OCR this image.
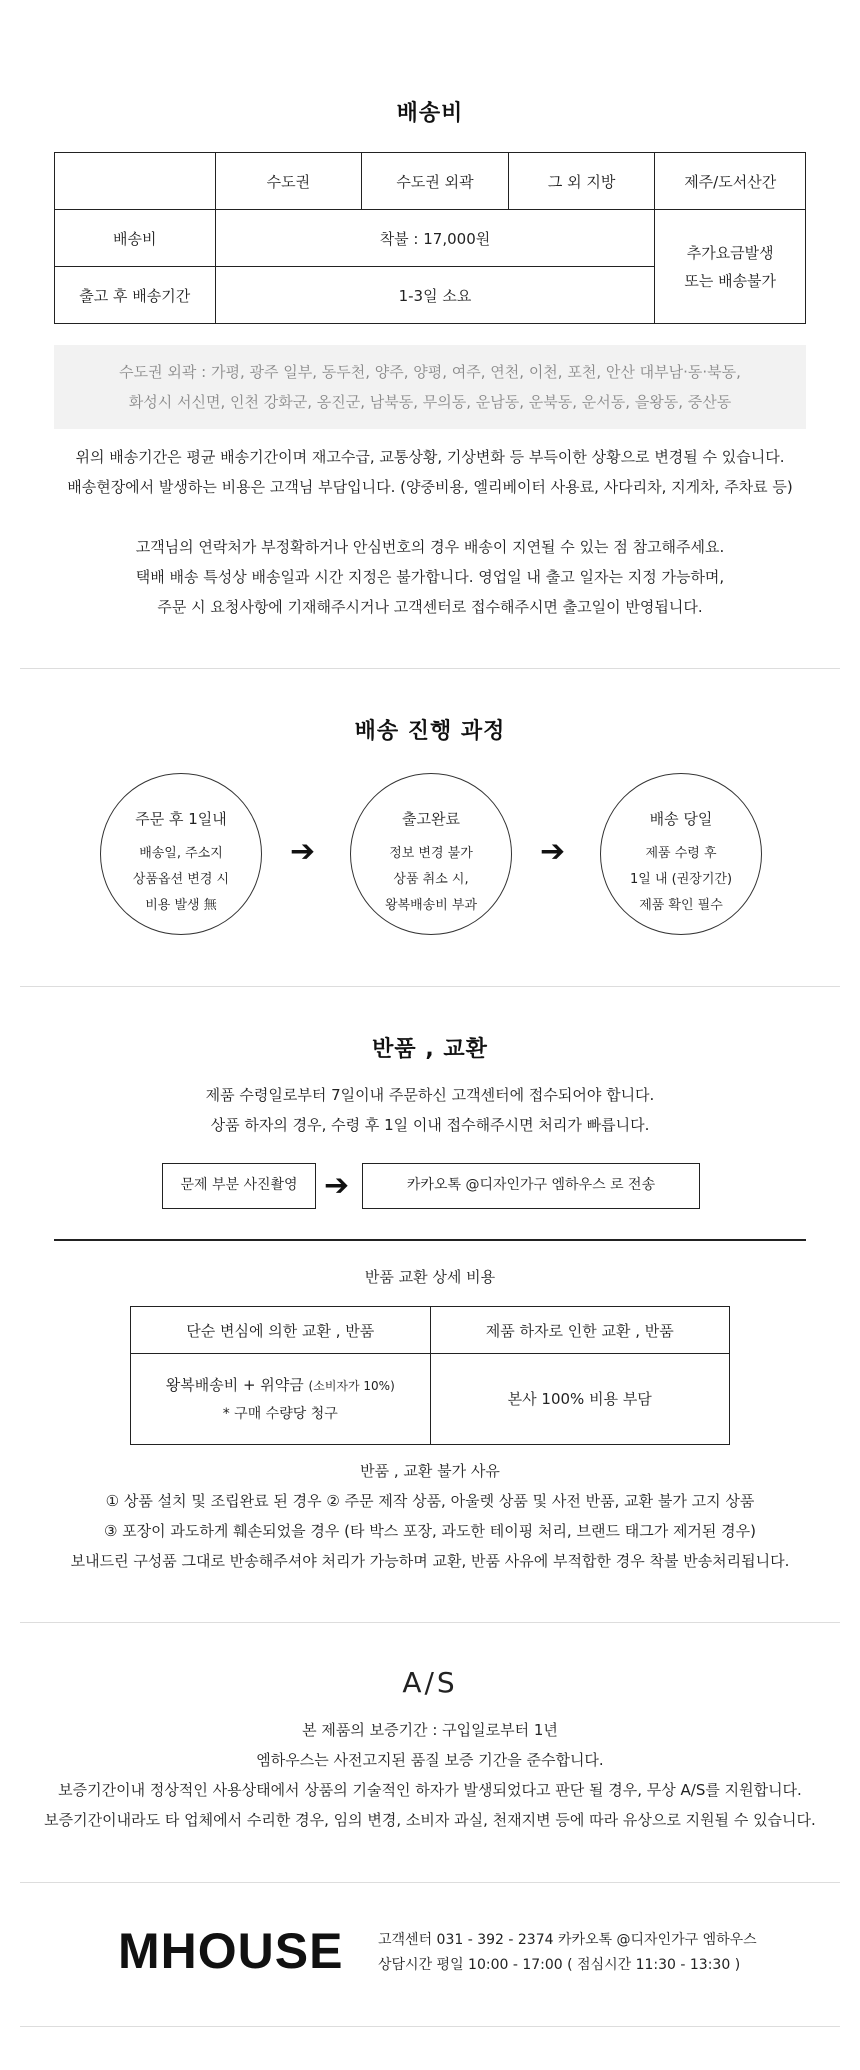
배송비
	수도권	수도권 외곽	그 외 지방	제주/도서산간
배송비	착불 : 17,000원			추가요금발생
또는 배송불가

출고 후 배송기간	1-3일 소요			
수도권 외곽 : 가평, 광주 일부, 동두천, 양주, 양평, 여주, 연천, 이천, 포천, 안산 대부남·동·북동,
화성시 서신면, 인천 강화군, 옹진군, 남북동, 무의동, 운남동, 운북동, 운서동, 을왕동, 중산동
위의 배송기간은 평균 배송기간이며 재고수급, 교통상황, 기상변화 등 부득이한 상황으로 변경될 수 있습니다.
배송현장에서 발생하는 비용은 고객님 부담입니다. (양중비용, 엘리베이터 사용료, 사다리차, 지게차, 주차료 등)
고객님의 연락처가 부정확하거나 안심번호의 경우 배송이 지연될 수 있는 점 참고해주세요.
택배 배송 특성상 배송일과 시간 지정은 불가합니다. 영업일 내 출고 일자는 지정 가능하며,
주문 시 요청사항에 기재해주시거나 고객센터로 접수해주시면 출고일이 반영됩니다.
배송 진행 과정
주문 후 1일내
배송일, 주소지
상품옵션 변경 시
비용 발생 無
➔
출고완료
정보 변경 불가
상품 취소 시,
왕복배송비 부과
➔
배송 당일
제품 수령 후
1일 내 (권장기간)
제품 확인 필수
반품 , 교환
제품 수령일로부터 7일이내 주문하신 고객센터에 접수되어야 합니다.
상품 하자의 경우, 수령 후 1일 이내 접수해주시면 처리가 빠릅니다.
문제 부분 사진촬영 ➔	카카오톡 @디자인가구 엠하우스 로 전송
반품 교환 상세 비용
단순 변심에 의한 교환 , 반품	제품 하자로 인한 교환 , 반품

왕복배송비 + 위약금 (소비자가 10%)
* 구매 수량당 청구	본사 100% 비용 부담
반품 , 교환 불가 사유
① 상품 설치 및 조립완료 된 경우 ② 주문 제작 상품, 아울렛 상품 및 사전 반품, 교환 불가 고지 상품
③ 포장이 과도하게 훼손되었을 경우 (타 박스 포장, 과도한 테이핑 처리, 브랜드 태그가 제거된 경우)
보내드린 구성품 그대로 반송해주셔야 처리가 가능하며 교환, 반품 사유에 부적합한 경우 착불 반송처리됩니다.
A/S
본 제품의 보증기간 : 구입일로부터 1년
엠하우스는 사전고지된 품질 보증 기간을 준수합니다.
보증기간이내 정상적인 사용상태에서 상품의 기술적인 하자가 발생되었다고 판단 될 경우, 무상 A/S를 지원합니다.
보증기간이내라도 타 업체에서 수리한 경우, 임의 변경, 소비자 과실, 천재지변 등에 따라 유상으로 지원될 수 있습니다.
MHOUSE 고객센터 031 - 392 - 2374 카카오톡 @디자인가구 엠하우스
상담시간 평일 10:00 - 17:00 ( 점심시간 11:30 - 13:30 )
